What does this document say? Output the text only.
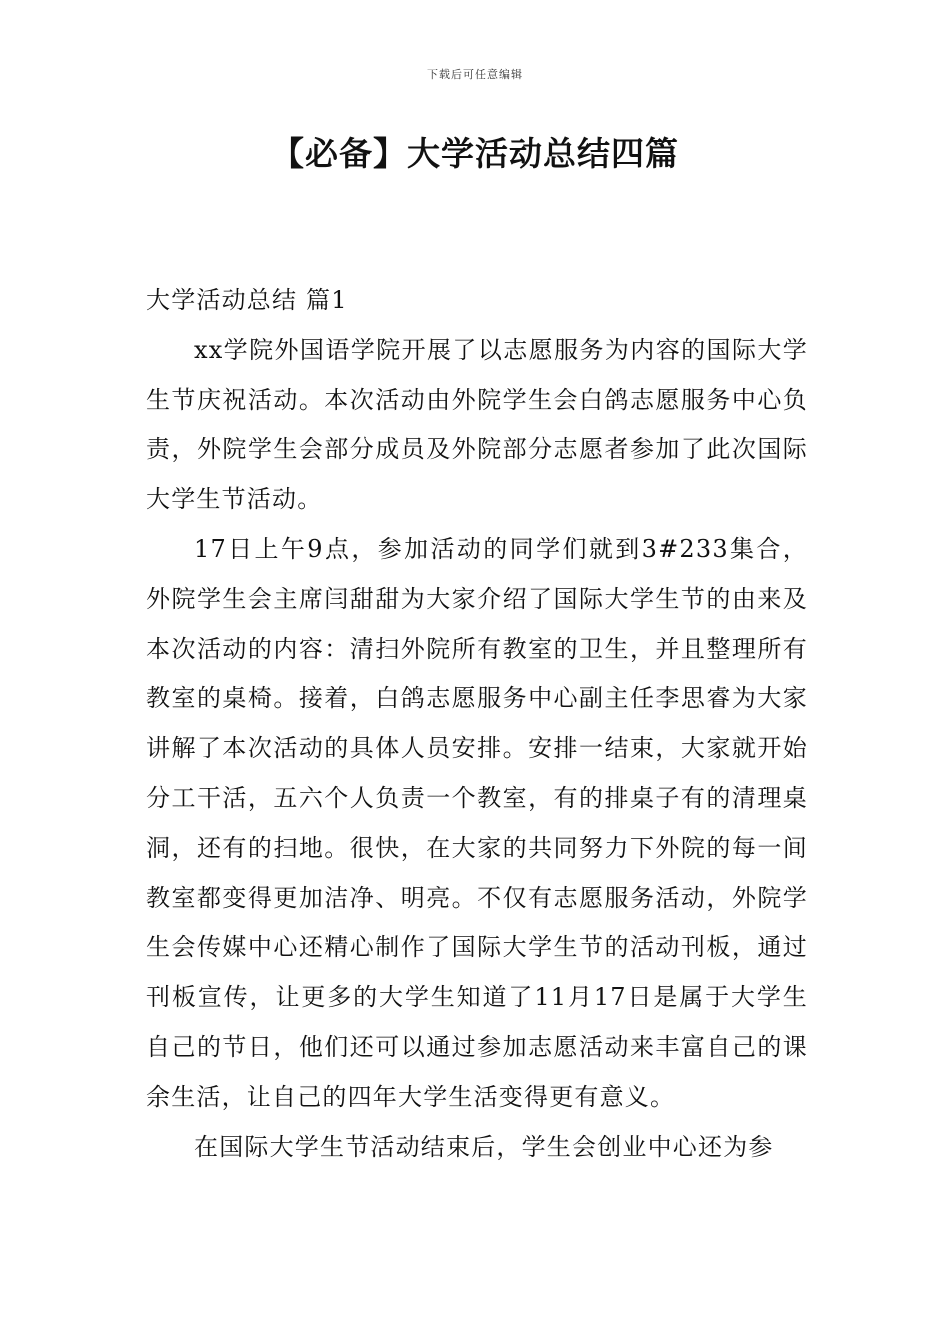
下载后可任意编辑
【必备】大学活动总结四篇

大学活动总结 篇1

xx学院外国语学院开展了以志愿服务为内容的国际大学生节庆祝活动。本次活动由外院学生会白鸽志愿服务中心负责，外院学生会部分成员及外院部分志愿者参加了此次国际大学生节活动。

17日上午9点，参加活动的同学们就到3#233集合，外院学生会主席闫甜甜为大家介绍了国际大学生节的由来及本次活动的内容：清扫外院所有教室的卫生，并且整理所有教室的桌椅。接着，白鸽志愿服务中心副主任李思睿为大家讲解了本次活动的具体人员安排。安排一结束，大家就开始分工干活，五六个人负责一个教室，有的排桌子有的清理桌洞，还有的扫地。很快，在大家的共同努力下外院的每一间教室都变得更加洁净、明亮。不仅有志愿服务活动，外院学生会传媒中心还精心制作了国际大学生节的活动刊板，通过刊板宣传，让更多的大学生知道了11月17日是属于大学生自己的节日，他们还可以通过参加志愿活动来丰富自己的课余生活，让自己的四年大学生活变得更有意义。

在国际大学生节活动结束后，学生会创业中心还为参
